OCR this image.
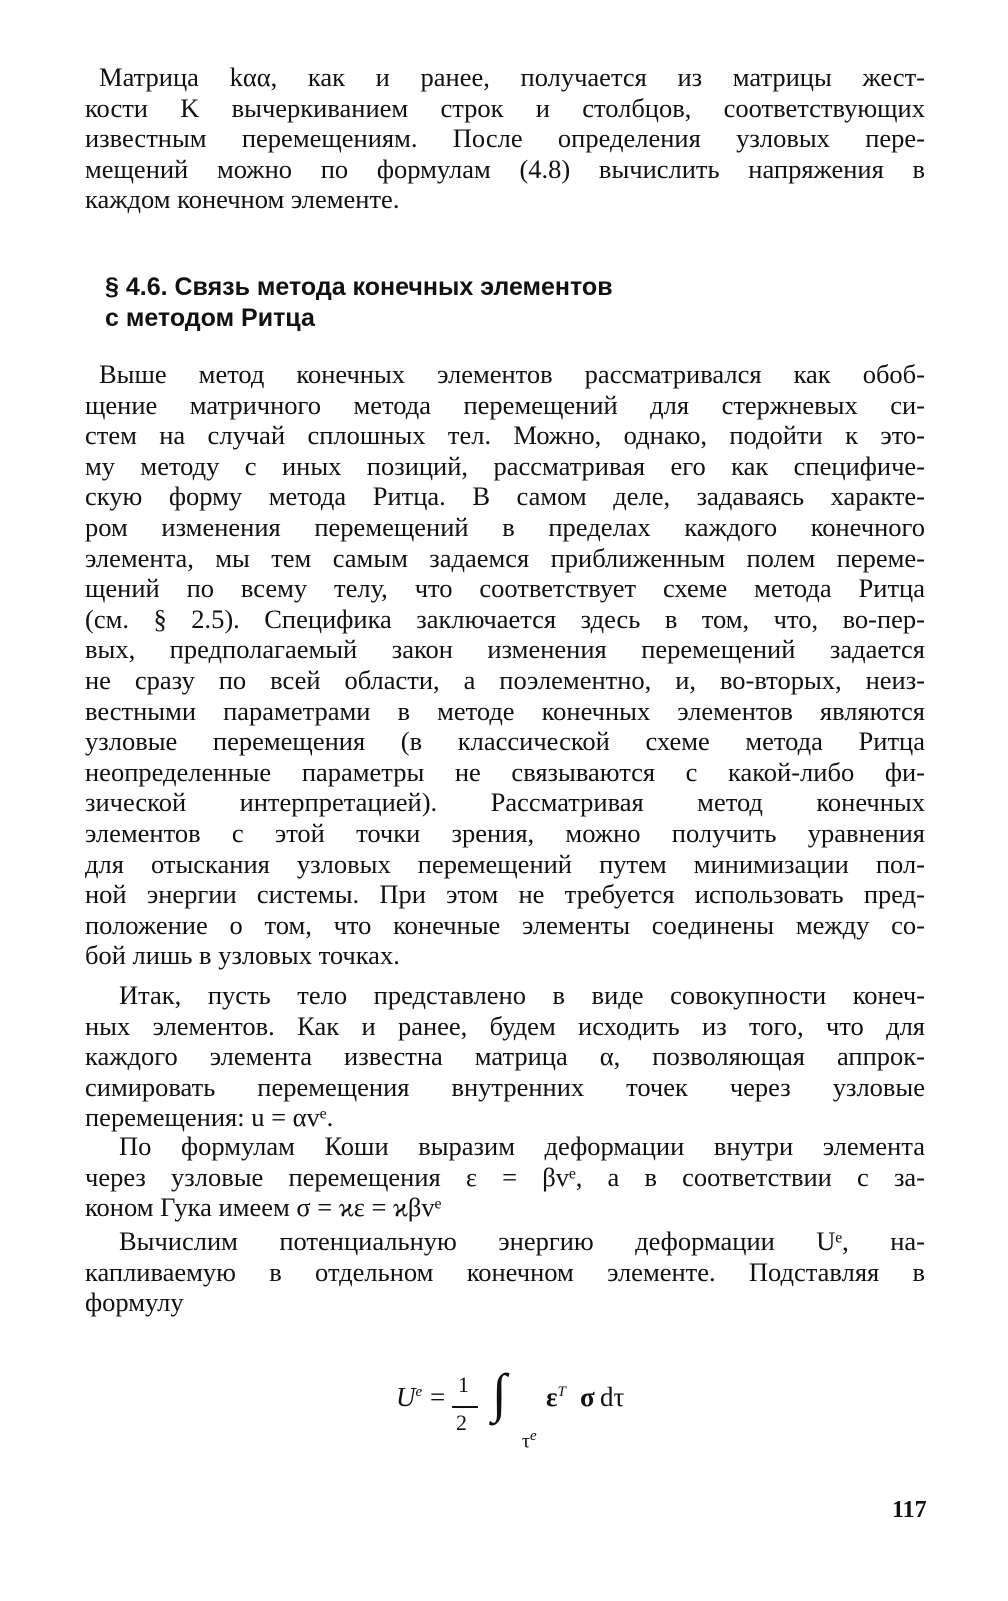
Матрица kαα, как и ранее, получается из матрицы жест-
кости K вычеркиванием строк и столбцов, соответствующих
известным перемещениям. После определения узловых пере-
мещений можно по формулам (4.8) вычислить напряжения в
каждом конечном элементе.
§ 4.6. Связь метода конечных элементов
с методом Ритца
Выше метод конечных элементов рассматривался как обоб-
щение матричного метода перемещений для стержневых си-
стем на случай сплошных тел. Можно, однако, подойти к это-
му методу с иных позиций, рассматривая его как специфиче-
скую форму метода Ритца. В самом деле, задаваясь характе-
ром изменения перемещений в пределах каждого конечного
элемента, мы тем самым задаемся приближенным полем переме-
щений по всему телу, что соответствует схеме метода Ритца
(см. § 2.5). Специфика заключается здесь в том, что, во-пер-
вых, предполагаемый закон изменения перемещений задается
не сразу по всей области, а поэлементно, и, во-вторых, неиз-
вестными параметрами в методе конечных элементов являются
узловые перемещения (в классической схеме метода Ритца
неопределенные параметры не связываются с какой-либо фи-
зической интерпретацией). Рассматривая метод конечных
элементов с этой точки зрения, можно получить уравнения
для отыскания узловых перемещений путем минимизации пол-
ной энергии системы. При этом не требуется использовать пред-
положение о том, что конечные элементы соединены между со-
бой лишь в узловых точках.
Итак, пусть тело представлено в виде совокупности конеч-
ных элементов. Как и ранее, будем исходить из того, что для
каждого элемента известна матрица α, позволяющая аппрок-
симировать перемещения внутренних точек через узловые
перемещения: u = αvᵉ.
По формулам Коши выразим деформации внутри элемента
через узловые перемещения ε = βvᵉ, а в соответствии с за-
коном Гука имеем σ = ϰε = ϰβvᵉ
Вычислим потенциальную энергию деформации Uᵉ, на-
капливаемую в отдельном конечном элементе. Подставляя в
формулу
$U^e = 1$
2 ∫ $\varepsilon^T$ σ dτ
$\tau^e$
117
